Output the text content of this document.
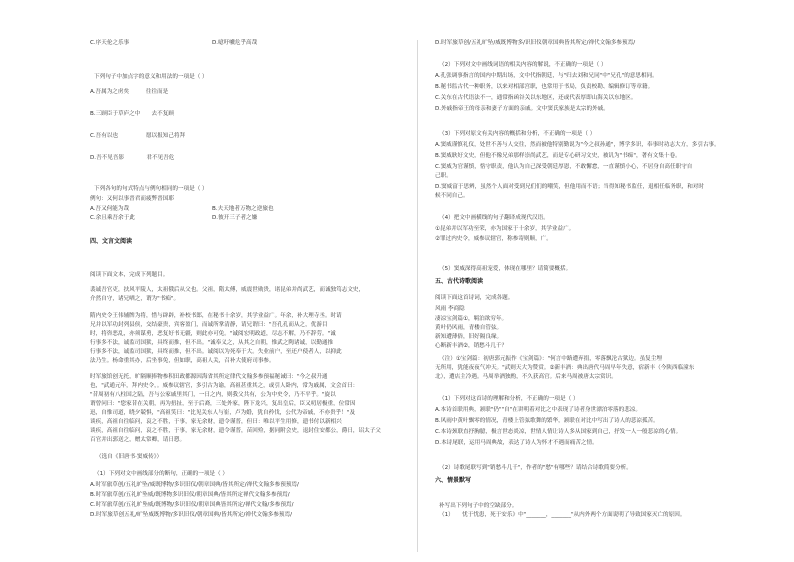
C.序天伦之乐事	D.噫吁嚱危乎高哉
下列句子中加点字的意义和用法的一项是（ ）
A.吾属为之虏矣　　　往往而是
B.三顾臣于草庐之中　　去不复顾
C.吾有以也　　　　　愿以报知己将拜
D.吾不见吾影　　　　君不见吾危
下列各句的句式特点与例句相同的一项是（ ）
例句：又何以事晋君而疲弊晋国耶
A.吾又何能为哉	B.夫天地者万物之逆旅也
C.余且乘吾余于此	D.彼开三子者之嫌
四、文言文阅读
阅读下面文本，完成下列题目。
裴诚吾官吏，扶风平陵人，太祖俄后从父也。父祖，隋太傅，威震世勋贵，诸昆弟并尚武艺，而诚独笃志文史，
介然自守，诸兄哂之，谓为"书痴"。
隋内史令王伟辅牌为将，惜与辟辟，补校书郎，在秘书十余岁，其学业益广。年余，补大理寺丞。时请
兄并以军功封列县侯，交结豪贵，宾客盈门，而诚所掌清静，请兄谓曰："吾孔孔而从之，优游目
时，将咨恶乱，亦须谋勇，恶复好书无疆，则此亦可免。"诚阅宏明政道，尽志不解，乃不辞劳。"诚
行事多不法，诚监司国狱，具终而推，但不出。"诚奉义之，从其之自朝，惟武之陶诸诚，以勤通推
行事多不法，诚监司国狱，具终而推，但不出。诚阅以为死奉于大。失业前户，至还户使者人，以抑此
法乃生。杨命重其办，后坐事免，但如职，高祖人关，召补大使府司事参。
时军旅馆创无托，旷隔顺捧物参积田政都源因海省其所定律代文翰多参预福秘诫曰："今之叔升通
也，"武通元年，拜内史令，。威参议辖官，多引古为谕，高祖甚重其之，或引人卧内，常为戚属，文会首曰：
"昔周初有八柱国之陆，吾与公家戚里其门，一日之内，则我父共有，公为中史令，乃不平乎。"旋以
谓曾问曰："您家昔在关朝，再为扭扯，至于后裔，三处外家，陛下龙兴，复出皇后，臣又叨居极重，位常因
迅，自惟司道，晓夕兢惧，"高祖笑曰："比见关东人与崔，卢为婚，犹自矜伐，公代为帝戚，不亦贵乎！"及
谈疾，高祖自往临问，哀之不胜，于事，家无余财，遗令谨普，但曰：唯以平生用修，遗书付以新相兴
谈疾，高祖自往临问，哀之不胜，于事，家无余财，遗令谨普，苗回殓，据同附会史，退封住安都公，爵日，诏太子父
百官并出郭送之，赠太常卿，请日愬。
（选自《旧唐书·窦威传》）
（1）下列对文中画线部分的断句，正确的一项是（ ）
A.时军旅草创/五礼旷坠/威既博物/多识旧仪/朝章国典/皆其所定/禅代文翰多参预预焉/
B.时军旅草创/五礼旷坠威/既博物多识旧仪/朝章国典/皆其所定禅代文翰多参预焉/
C.时军旅草创/五礼旷坠威/既博物/多识旧仪/朝章国典皆其所定/禅代文翰/多参预焉/
D.时军旅草创五礼/旷坠威既博物/多识旧仪/朝章国典/皆其所定/禅代文翰多参预焉/
D.时军旅草创/五礼旷坠/威既博物多/识旧仪朝章国典皆其所定/禅代文翰多参预焉/
（2）下列对文中画线词语的相关内容的解说，不正确的一项是（ ）
A.孔张调事指言的国内中期出场，文中代指朝廷，与"归去刘和兄同"中"兄孔"的意思相同。
B.秘书监古代一种职务，以来对相部宫职，也常用于书局，负责校勘、编辑修订等章籍。
C.关东在古代语法不一，通常指函谷关以东地区，还或代表厚即山海关以东地区。
D.外戚指帝王的母亲和妻子方面的亲戚。文中窦氏家族是太宗的外戚。
（3）下列对原文有关内容的概括和分析，不正确的一项是（ ）
A.窦威谨慎礼仪，处世不善与人交往，然而被他特别勤说为"今之叔孙通"，博学多识，奉事时功志大方，多引古事。
B.窦威耿好文史，但他不像兄弟那样崇尚武艺，而是专心研习文史，被讥为"书痴"，著有文集十卷。
C.窦威为官谨慎，恪守职责，他认为自己深受朝廷厚恩，不敢懈怠，一直谨慎小心，不居身自高任职守自
己职。
D.窦威富于思辨，虽然个人面对受到兄们们的嘲笑，但他用而不语；当得知秘书监任，退相任临务职，和对时
候不同自己。
（4）把文中画横线的句子翻译成现代汉语。
①昆弟并以军功至荣，亦为国家于十余岁，其学业益广。
②罪过内史令，威参议辖官，称参寄则顺，广。
（5）窦威深得高祖宠爱，体现在哪里？请简要概括。
五、古代诗歌阅读
阅读下面这首诗词，完成各题。
风雨 李商隐
凄凉宝剑篇①，羁泊欲穷年。
黄叶仍风雨，青楼自管弦。
新知遭薄俗，旧好隔良缘。
心断新丰酒②，销愁斗几千？
（注）①宝剑篇：初唐郭元振作《宝剑篇》："何言中路遭弃捐，零落飘沦古狱边。虽复尘埋
无所用，犹能夜夜气冲天。"武则天大为赞赏。②新丰酒：典出唐代马周早年失意，宿新丰（今陕西临潼东
北），遭店主冷遇。马周举酒独酌，不久获高官。后来马周被唐太宗赏识。
（1）下列对这首诗的理解和分析，不正确的一项是（ ）
A.本诗首联用典，颔联"仍""自"在讲明着对比之中表现了诗者身世漂泊零落的悲凉。
B.风雨中黄叶飘零的情况，青楼上管弦歌舞的繁华，颔联在对比中写出了诗人的悲凉孤苦。
C.本诗颈联直抒胸臆，极言世态炎凉，世情人情让诗人多从国家到自己，抒发一人一般悲凉的心情。
D.本诗尾联，运用马周典故，表达了诗人为怀才不遇而痛苦之情。
（2）诗歌尾联写到"销愁斗几千"，作者的"愁"有哪些？请结合诗歌简要分析。
六、情景默写
补写出下列句子中的空缺部分。
（1）　　忧于忧患，死于安乐》中"_______，_______"从内外两个方面说明了导致国家灭亡的原因。
